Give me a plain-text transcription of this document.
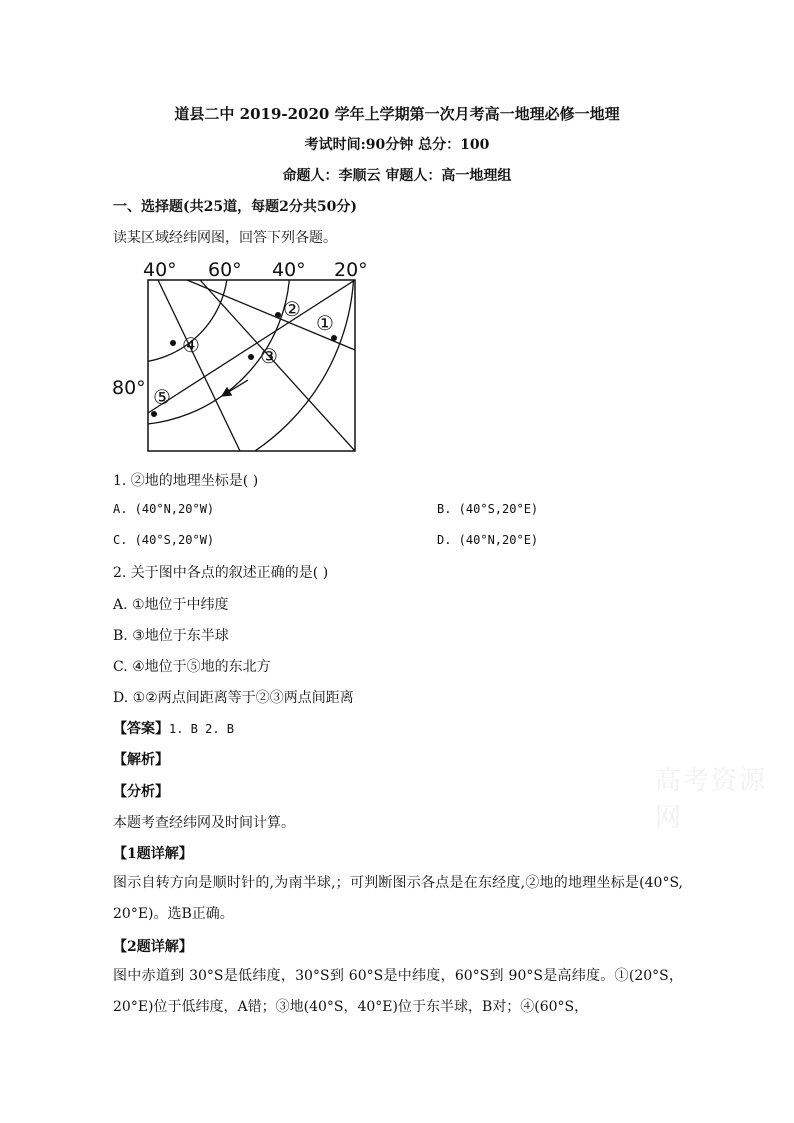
道县二中 2019-2020 学年上学期第一次月考高一地理必修一地理
考试时间:90分钟 总分：100
命题人：李顺云 审题人：高一地理组
一、选择题(共25道，每题2分共50分)
读某区域经纬网图，回答下列各题。
①
②
③
④
⑤
40° 60° 40° 20°
80°
1. ②地的地理坐标是( )
A. (40°N,20°W)	B. (40°S,20°E)
C. (40°S,20°W)	D. (40°N,20°E)
2. 关于图中各点的叙述正确的是( )
A. ①地位于中纬度
B. ③地位于东半球
C. ④地位于⑤地的东北方
D. ①②两点间距离等于②③两点间距离
【答案】1. B 2. B
【解析】
【分析】
本题考查经纬网及时间计算。
【1题详解】
图示自转方向是顺时针的,为南半球,；可判断图示各点是在东经度,②地的地理坐标是(40°S, 20°E)。选B正确。
【2题详解】
图中赤道到 30°S是低纬度，30°S到 60°S是中纬度，60°S到 90°S是高纬度。①(20°S，20°E)位于低纬度，A错；③地(40°S，40°E)位于东半球，B对；④(60°S，
高考资源网
